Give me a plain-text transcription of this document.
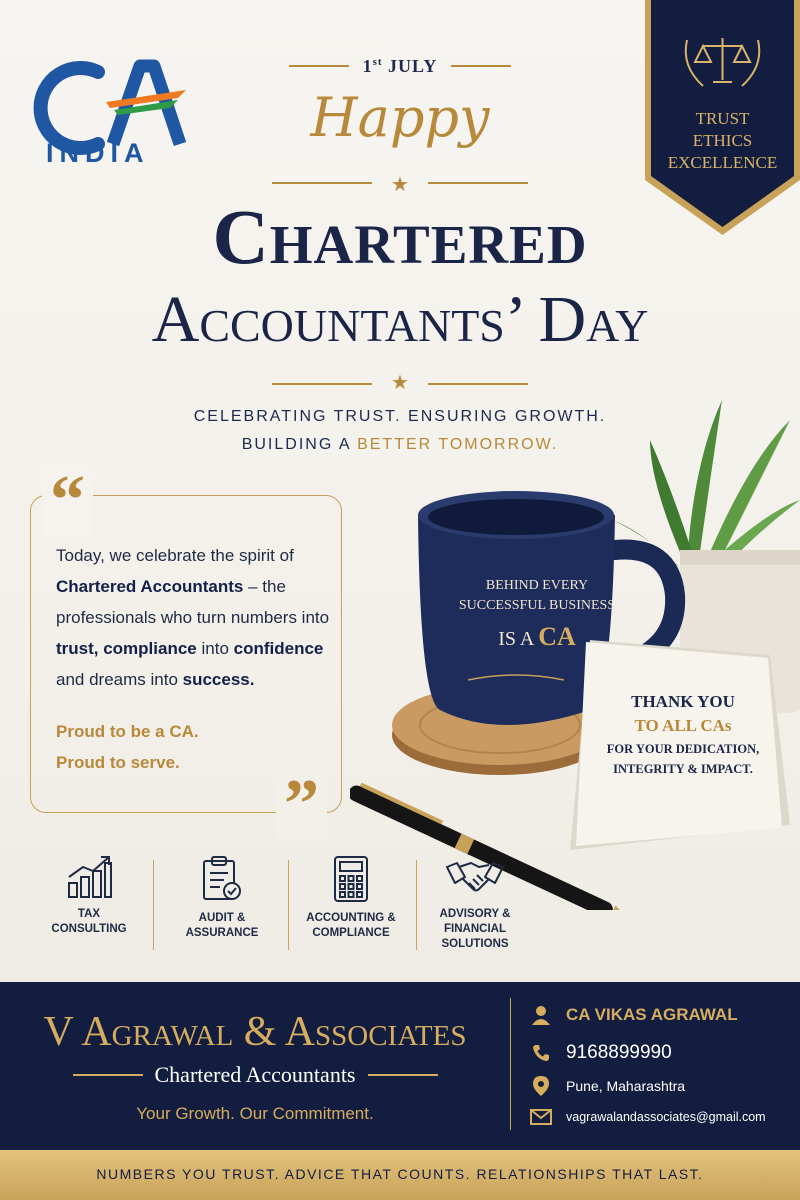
INDIA
TRUST
ETHICS
EXCELLENCE
1st JULY
Happy
★
Chartered
Accountants’ Day
★
CELEBRATING TRUST. ENSURING GROWTH.
BUILDING A BETTER TOMORROW.
“
”
Today, we celebrate the spirit of Chartered Accountants – the professionals who turn numbers into trust, compliance into confidence and dreams into success.
Proud to be a CA.
Proud to serve.
BEHIND EVERY
SUCCESSFUL BUSINESS
IS A CA
THANK YOU
TO ALL CAs
FOR YOUR DEDICATION,
INTEGRITY & IMPACT.
TAX
CONSULTING
AUDIT &
ASSURANCE
ACCOUNTING &
COMPLIANCE
ADVISORY &
FINANCIAL
SOLUTIONS
V Agrawal & Associates
Chartered Accountants
Your Growth. Our Commitment.
CA VIKAS AGRAWAL
9168899990
Pune, Maharashtra
vagrawalandassociates@gmail.com
NUMBERS YOU TRUST. ADVICE THAT COUNTS. RELATIONSHIPS THAT LAST.
